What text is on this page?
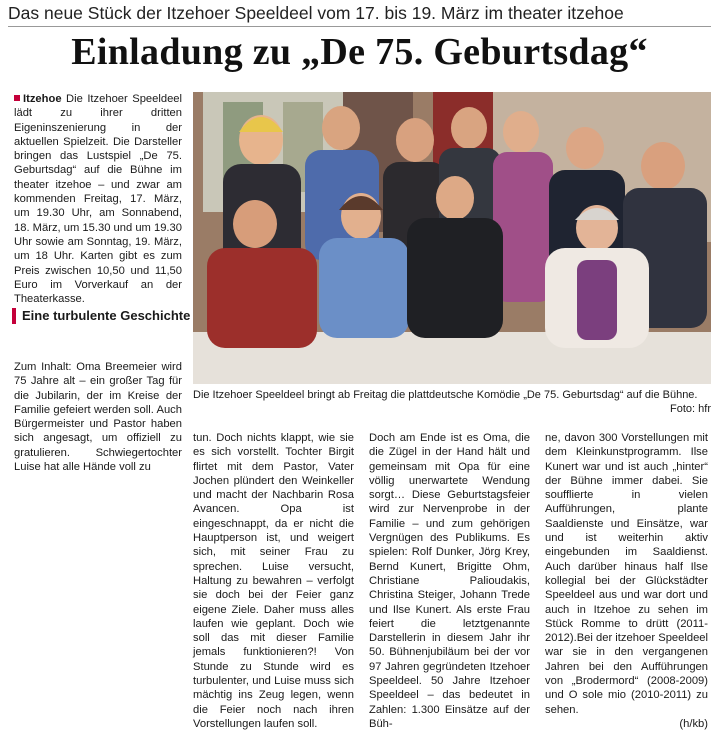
Das neue Stück der Itzehoer Speeldeel vom 17. bis 19. März im theater itzehoe
Einladung zu „De 75. Geburtsdag“

Itzehoe Die Itzehoer Speeldeel lädt zu ihrer dritten Eigeninszenierung in der aktuellen Spielzeit. Die Darsteller bringen das Lustspiel „De 75. Geburtsdag“ auf die Bühne im theater itzehoe – und zwar am kommenden Freitag, 17. März, um 19.30 Uhr, am Sonnabend, 18. März, um 15.30 und um 19.30 Uhr sowie am Sonntag, 19. März, um 18 Uhr. Karten gibt es zum Preis zwischen 10,50 und 11,50 Euro im Vorverkauf an der Theaterkasse.

Eine turbulente Geschichte
Zum Inhalt: Oma Breemeier wird 75 Jahre alt – ein großer Tag für die Jubilarin, der im Kreise der Familie gefeiert werden soll. Auch Bürgermeister und Pastor haben sich angesagt, um offiziell zu gratulieren. Schwiegertochter Luise hat alle Hände voll zu
Die Itzehoer Speeldeel bringt ab Freitag die plattdeutsche Komödie „De 75. Geburtsdag“ auf die Bühne.
Foto: hfr
tun. Doch nichts klappt, wie sie es sich vorstellt. Tochter Birgit flirtet mit dem Pastor, Vater Jochen plündert den Weinkeller und macht der Nachbarin Rosa Avancen. Opa ist eingeschnappt, da er nicht die Hauptperson ist, und weigert sich, mit seiner Frau zu sprechen. Luise versucht, Haltung zu bewahren – verfolgt sie doch bei der Feier ganz eigene Ziele. Daher muss alles laufen wie geplant. Doch wie soll das mit dieser Familie jemals funktionieren?! Von Stunde zu Stunde wird es turbulenter, und Luise muss sich mächtig ins Zeug legen, wenn die Feier noch nach ihren Vorstellungen laufen soll.
Doch am Ende ist es Oma, die die Zügel in der Hand hält und gemeinsam mit Opa für eine völlig unerwartete Wendung sorgt… Diese Geburtstagsfeier wird zur Nervenprobe in der Familie – und zum gehörigen Vergnügen des Publikums. Es spielen: Rolf Dunker, Jörg Krey, Bernd Kunert, Brigitte Ohm, Christiane Palioudakis, Christina Steiger, Johann Trede und Ilse Kunert. Als erste Frau feiert die letztgenannte Darstellerin in diesem Jahr ihr 50. Bühnenjubiläum bei der vor 97 Jahren gegründeten Itzehoer Speeldeel. 50 Jahre Itzehoer Speeldeel – das bedeutet in Zahlen: 1.300 Einsätze auf der Büh-

ne, davon 300 Vorstellungen mit dem Kleinkunstprogramm. Ilse Kunert war und ist auch „hinter“ der Bühne immer dabei. Sie soufflierte in vielen Aufführungen, plante Saaldienste und Einsätze, war und ist weiterhin aktiv eingebunden im Saaldienst. Auch darüber hinaus half Ilse kollegial bei der Glückstädter Speeldeel aus und war dort und auch in Itzehoe zu sehen im Stück Romme to drütt (2011-2012).Bei der itzehoer Speeldeel war sie in den vergangenen Jahren bei den Aufführungen von „Brodermord“ (2008-2009) und O sole mio (2010-2011) zu sehen.

(h/kb)
